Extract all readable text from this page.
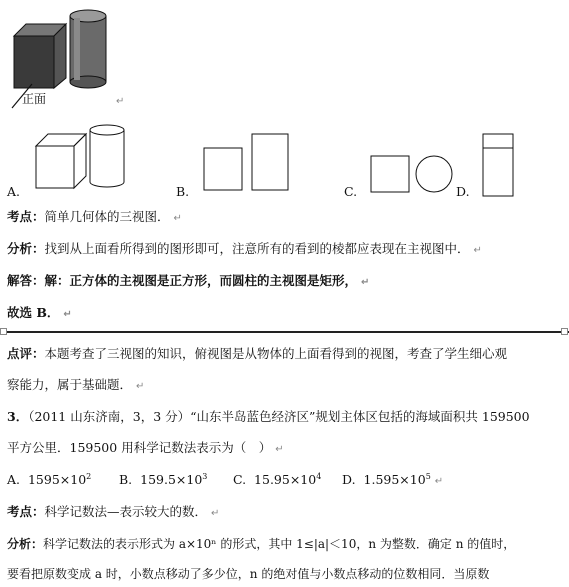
正面	↵
A.	B.	C.	D.
考点：简单几何体的三视图． ↵
分析：找到从上面看所得到的图形即可，注意所有的看到的棱都应表现在主视图中． ↵
解答：解：正方体的主视图是正方形，而圆柱的主视图是矩形， ↵
故选 B． ↵
点评：本题考查了三视图的知识，俯视图是从物体的上面看得到的视图，考查了学生细心观
察能力，属于基础题． ↵
3．（2011 山东济南，3，3 分）“山东半岛蓝色经济区”规划主体区包括的海域面积共 159500
平方公里．159500 用科学记数法表示为（　） ↵
A. $1595\times 10^2$ B. $159.5\times 10^3$ C. $15.95\times 10^4$ D. $1.595\times 10^5$ ↵
考点：科学记数法—表示较大的数． ↵
分析：科学记数法的表示形式为 a×10ⁿ 的形式，其中 1≤|a|＜10，n 为整数．确定 n 的值时，
要看把原数变成 a 时，小数点移动了多少位，n 的绝对值与小数点移动的位数相同．当原数
